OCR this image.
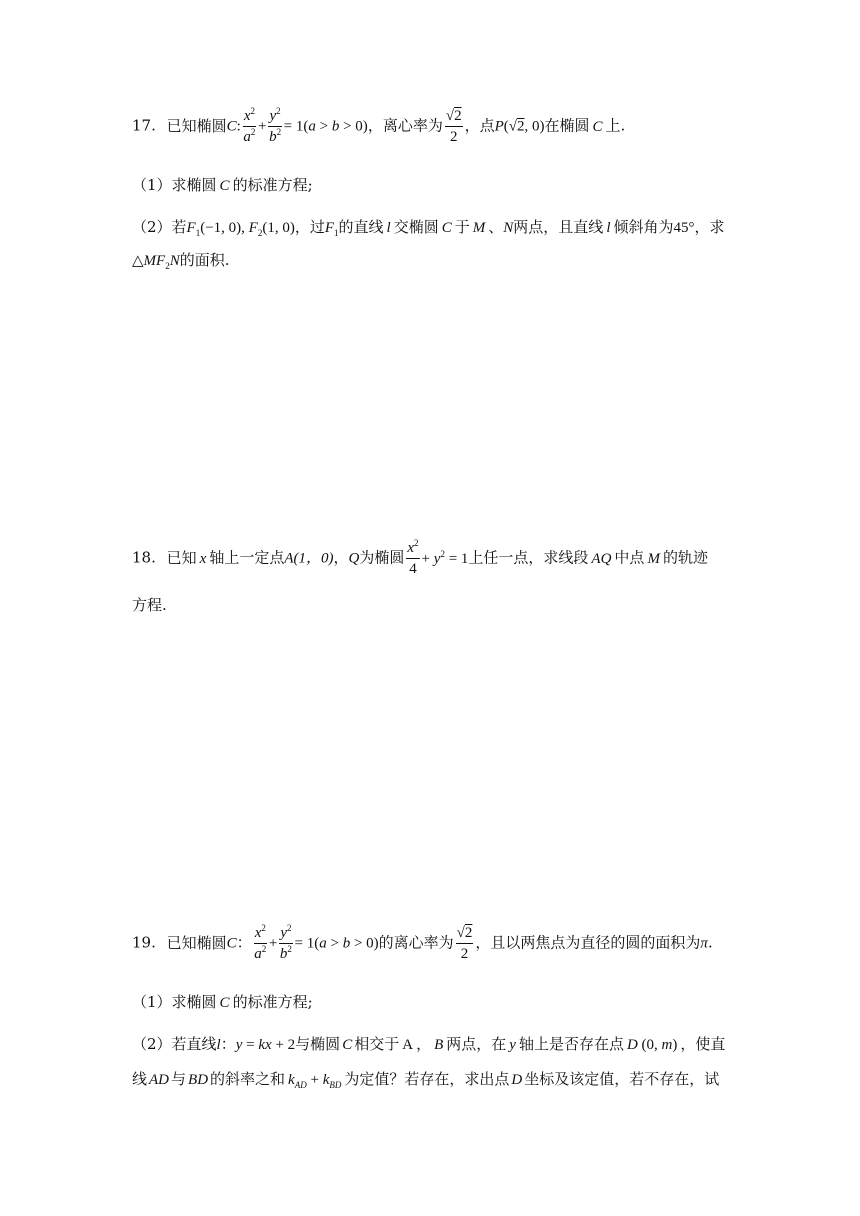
17. 已知椭圆C: $\frac{x^2}{a^2} + \frac{y^2}{b^2} = 1(a > b > 0)$，离心率为 $\frac{√2}{2}$ ，点P(√2, 0)在椭圆 C 上.
（1）求椭圆 C 的标准方程;
（2）若$F_1(-1$, 0), $F_2(1$, 0)，过$F_1$的直线 l 交椭圆 C 于 M 、N两点，且直线 l 倾斜角为45°，求
$\triangle MF_2N$的面积.
18. 已知 x 轴上一定点A(1，0)，Q为椭圆 $\frac{x^2}{4} + y^2 = 1$上任一点，求线段 AQ 中点 M 的轨迹
方程.
19. 已知椭圆C： $\frac{x^2}{a^2} + \frac{y^2}{b^2} = 1(a > b > 0)$的离心率为 $\frac{√2}{2}$ ，且以两焦点为直径的圆的面积为π.
（1）求椭圆 C 的标准方程;
（2）若直线l：y = kx + 2与椭圆 C 相交于 A ， B 两点，在 y 轴上是否存在点 D (0, m) ，使直
线 AD 与 BD 的斜率之和 $k_{AD} + k_{BD}$ 为定值？若存在，求出点 D 坐标及该定值，若不存在，试
